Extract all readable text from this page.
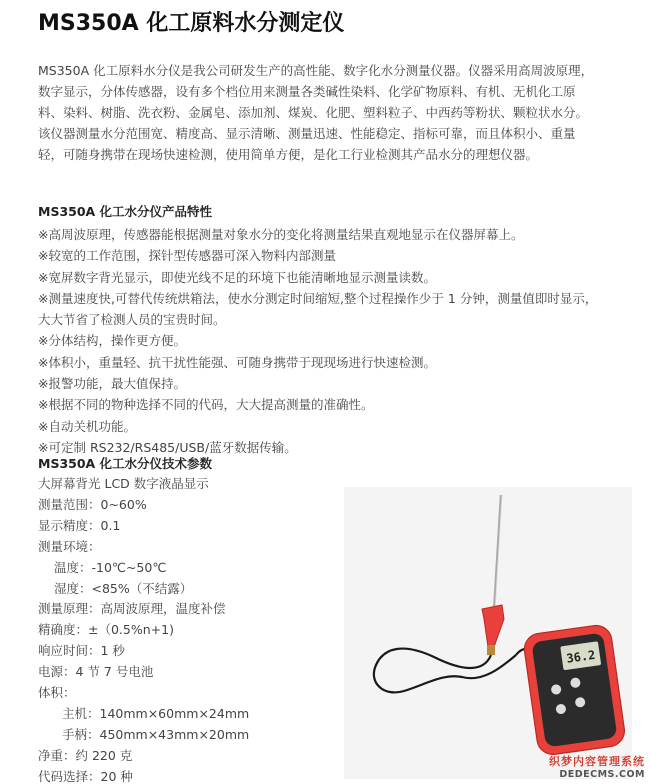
MS350A 化工原料水分测定仪

MS350A 化工原料水分仪是我公司研发生产的高性能、数字化水分测量仪器。仪器采用高周波原理，数字显示，分体传感器，设有多个档位用来测量各类碱性染料、化学矿物原料、有机、无机化工原料、染料、树脂、洗衣粉、金属皂、添加剂、煤炭、化肥、塑料粒子、中西药等粉状、颗粒状水分。该仪器测量水分范围宽、精度高、显示清晰、测量迅速、性能稳定、指标可靠，而且体积小、重量轻，可随身携带在现场快速检测，使用简单方便，是化工行业检测其产品水分的理想仪器。

MS350A 化工水分仪产品特性
※高周波原理，传感器能根据测量对象水分的变化将测量结果直观地显示在仪器屏幕上。
※较宽的工作范围，探针型传感器可深入物料内部测量
※宽屏数字背光显示，即使光线不足的环境下也能清晰地显示测量读数。
※测量速度快,可替代传统烘箱法，使水分测定时间缩短,整个过程操作少于 1 分钟，测量值即时显示，大大节省了检测人员的宝贵时间。
※分体结构，操作更方便。
※体积小，重量轻、抗干扰性能强、可随身携带于现现场进行快速检测。
※报警功能，最大值保持。
※根据不同的物种选择不同的代码，大大提高测量的准确性。
※自动关机功能。
※可定制 RS232/RS485/USB/蓝牙数据传输。
MS350A 化工水分仪技术参数
大屏幕背光 LCD 数字液晶显示
测量范围：0~60%
显示精度：0.1
测量环境：
温度：-10℃~50℃
湿度：<85%（不结露）
测量原理：高周波原理，温度补偿
精确度：±（0.5%n+1)
响应时间：1 秒
电源：4 节 7 号电池
体积：
主机：140mm×60mm×24mm
手柄：450mm×43mm×20mm
净重：约 220 克
代码选择：20 种
36.2
织梦内容管理系统
DEDECMS.COM
